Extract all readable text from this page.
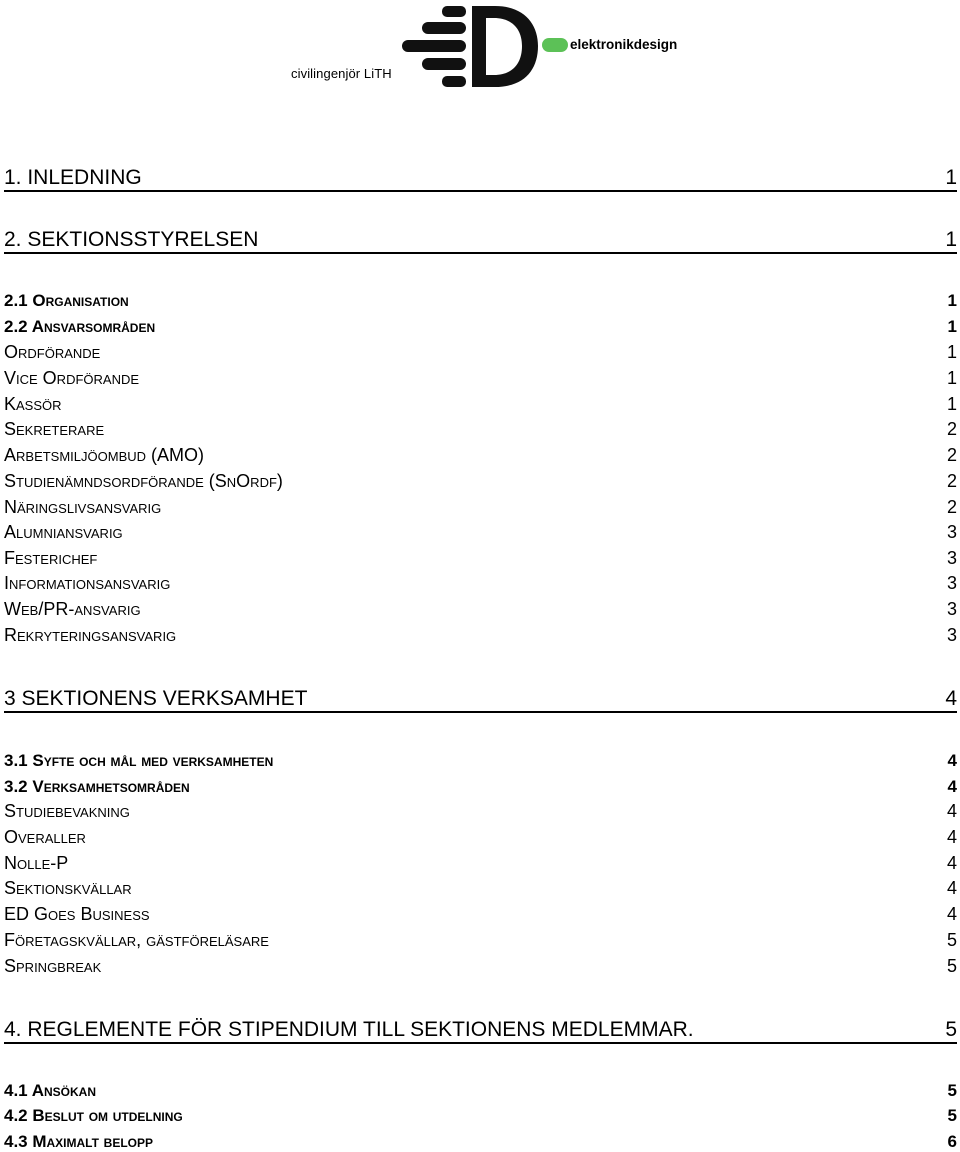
civilingenjör LiTH
elektronikdesign
1. INLEDNING	1
2. SEKTIONSSTYRELSEN	1
2.1 Organisation	1
2.2 Ansvarsområden	1
Ordförande	1
Vice Ordförande	1
Kassör	1
Sekreterare	2
Arbetsmiljöombud (AMO)	2
Studienämndsordförande (SnOrdf)	2
Näringslivsansvarig	2
Alumniansvarig	3
Festerichef	3
Informationsansvarig	3
Web/PR-ansvarig	3
Rekryteringsansvarig	3
3 SEKTIONENS VERKSAMHET	4
3.1 Syfte och mål med verksamheten	4
3.2 Verksamhetsområden	4
Studiebevakning	4
Overaller	4
Nolle-P	4
Sektionskvällar	4
ED Goes Business	4
Företagskvällar, gästföreläsare	5
Springbreak	5
4. REGLEMENTE FÖR STIPENDIUM TILL SEKTIONENS MEDLEMMAR.	5
4.1 Ansökan	5
4.2 Beslut om utdelning	5
4.3 Maximalt belopp	6
